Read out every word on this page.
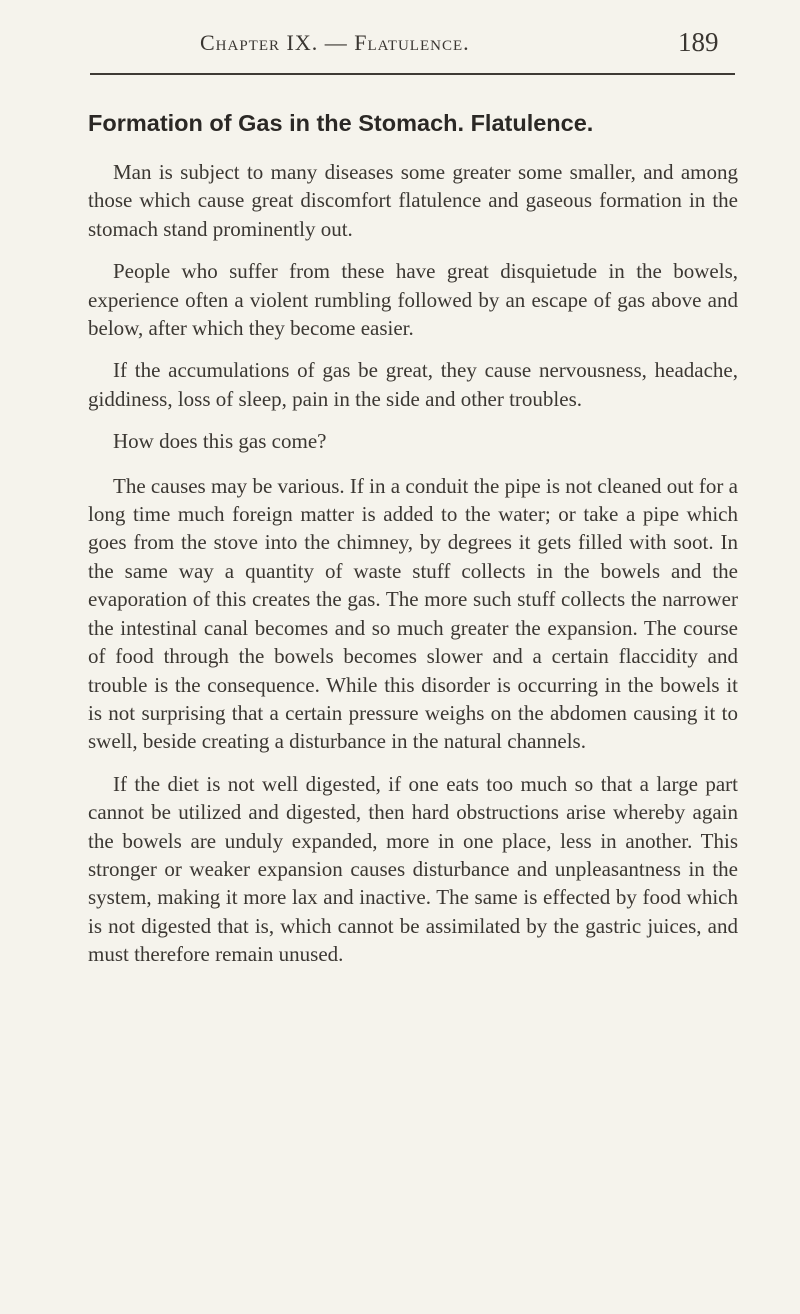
Chapter IX. — Flatulence.	189
Formation of Gas in the Stomach. Flatulence.

Man is subject to many diseases some greater some smaller, and among those which cause great discomfort flatulence and gaseous formation in the stomach stand prominently out.

People who suffer from these have great disquietude in the bowels, experience often a violent rumbling followed by an escape of gas above and below, after which they become easier.

If the accumulations of gas be great, they cause nervousness, headache, giddiness, loss of sleep, pain in the side and other troubles.

How does this gas come?

The causes may be various. If in a conduit the pipe is not cleaned out for a long time much foreign matter is added to the water; or take a pipe which goes from the stove into the chimney, by degrees it gets filled with soot. In the same way a quantity of waste stuff collects in the bowels and the evaporation of this creates the gas. The more such stuff collects the narrower the intestinal canal becomes and so much greater the expansion. The course of food through the bowels becomes slower and a certain flaccidity and trouble is the consequence. While this disorder is occurring in the bowels it is not surprising that a certain pressure weighs on the abdomen causing it to swell, beside creating a disturbance in the natural channels.

If the diet is not well digested, if one eats too much so that a large part cannot be utilized and digested, then hard obstructions arise whereby again the bowels are unduly expanded, more in one place, less in another. This stronger or weaker expansion causes disturbance and unpleasantness in the system, making it more lax and inactive. The same is effected by food which is not digested that is, which cannot be assimilated by the gastric juices, and must therefore remain unused.
